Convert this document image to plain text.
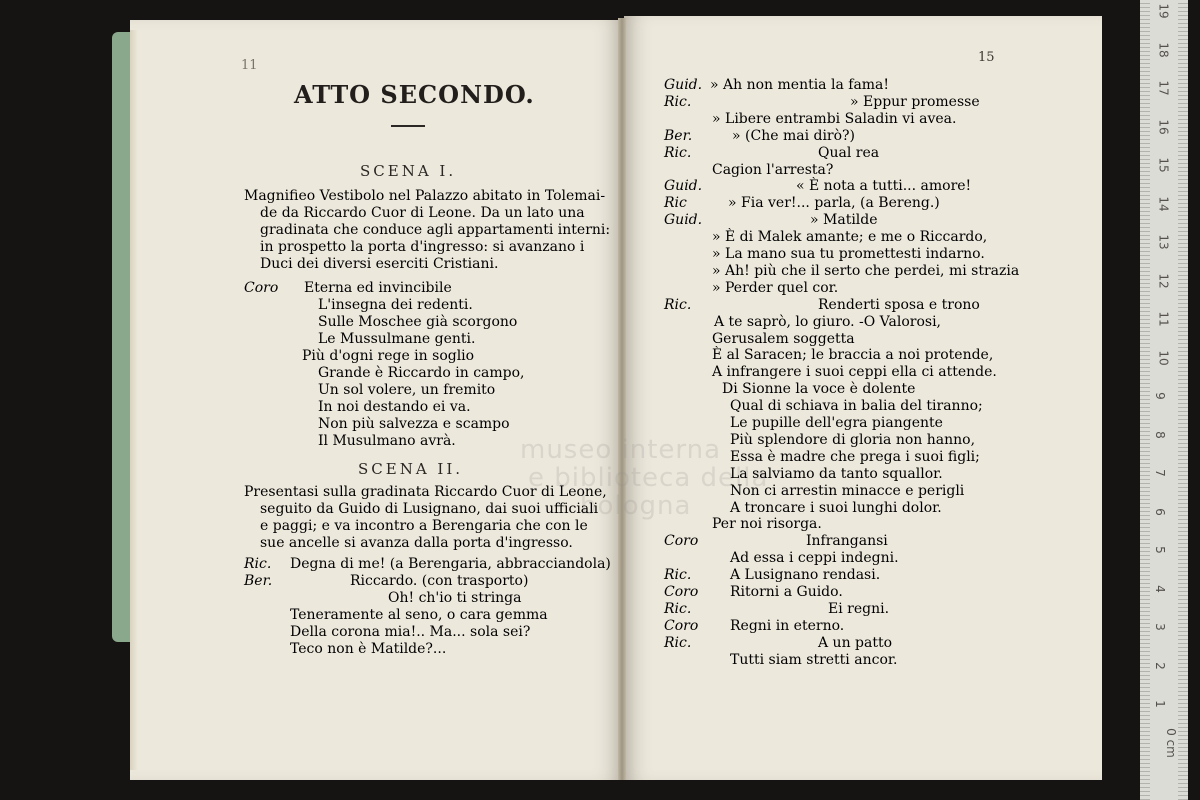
museo interna
e biblioteca della
bologna
11
ATTO SECONDO.
SCENA I.
Magnifieo Vestibolo nel Palazzo abitato in Tolemai-
de da Riccardo Cuor di Leone. Da un lato una
gradinata che conduce agli appartamenti interni:
in prospetto la porta d'ingresso: si avanzano i
Duci dei diversi eserciti Cristiani.
Coro Eterna ed invincibile
L'insegna dei redenti.
Sulle Moschee già scorgono
Le Mussulmane genti.
Più d'ogni rege in soglio
Grande è Riccardo in campo,
Un sol volere, un fremito
In noi destando ei va.
Non più salvezza e scampo
Il Musulmano avrà.
SCENA II.
Presentasi sulla gradinata Riccardo Cuor di Leone,
seguito da Guido di Lusignano, dai suoi ufficiali
e paggi; e va incontro a Berengaria che con le
sue ancelle si avanza dalla porta d'ingresso.
Ric. Degna di me! (a Berengaria, abbracciandola)
Ber.	Riccardo. (con trasporto)
Oh! ch'io ti stringa
Teneramente al seno, o cara gemma
Della corona mia!.. Ma... sola sei?
Teco non è Matilde?...
15
Guid. » Ah non mentia la fama!
Ric.	» Eppur promesse
» Libere entrambi Saladin vi avea.
Ber.	» (Che mai dirò?)
Ric.	Qual rea
Cagion l'arresta?
Guid.	« È nota a tutti... amore!
Ric	» Fia ver!... parla, (a Bereng.)
Guid.	» Matilde
» È di Malek amante; e me o Riccardo,
» La mano sua tu promettesti indarno.
» Ah! più che il serto che perdei, mi strazia
» Perder quel cor.
Ric.	Renderti sposa e trono
A te saprò, lo giuro. -O Valorosi,
Gerusalem soggetta
È al Saracen; le braccia a noi protende,
A infrangere i suoi ceppi ella ci attende.
Di Sionne la voce è dolente
Qual di schiava in balia del tiranno;
Le pupille dell'egra piangente
Più splendore di gloria non hanno,
Essa è madre che prega i suoi figli;
La salviamo da tanto squallor.
Non ci arrestin minacce e perigli
A troncare i suoi lunghi dolor.
Per noi risorga.
Coro	Infrangansi
Ad essa i ceppi indegni.
Ric.	A Lusignano rendasi.
Coro Ritorni a Guido.
Ric.	Ei regni.
Coro Regni in eterno.
Ric.	A un patto
Tutti siam stretti ancor.
19
18
17
16
15
14
13
12
11
10
9
8
7
6
5
4
3
2
1
0 cm
